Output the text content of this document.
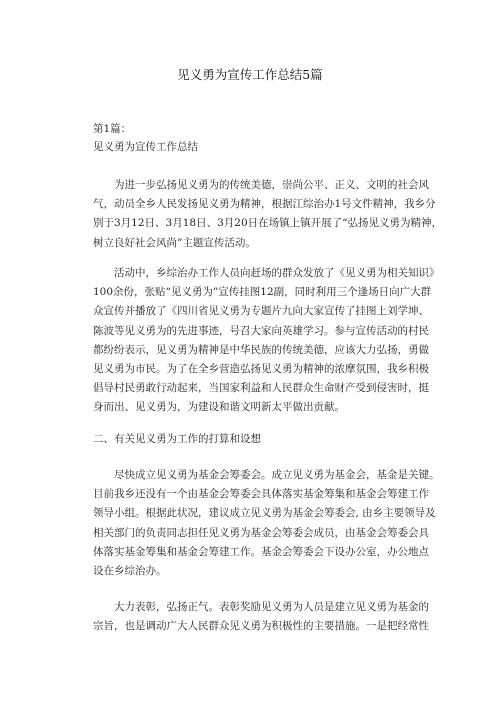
见义勇为宣传工作总结5篇
第1篇：
见义勇为宣传工作总结
为进一步弘扬见义勇为的传统美德，崇尚公平、正义、文明的社会风
气，动员全乡人民发扬见义勇为精神，根据江综治办1号文件精神，我乡分
别于3月12日、3月18日、3月20日在场镇上镇开展了“弘扬见义勇为精神，
树立良好社会风尚”主题宣传活动。
活动中，乡综治办工作人员向赶场的群众发放了《见义勇为相关知识》
100余份，张贴“见义勇为”宣传挂图12副，同时利用三个逢场日向广大群
众宣传并播放了《四川省见义勇为专题片九向大家宣传了挂图上刘学坤、
陈波等见义勇为的先进事迹，号召大家向英雄学习。参与宣传活动的村民
都纷纷表示，见义勇为精神是中华民族的传统美德，应该大力弘扬，勇做
见义勇为市民。为了在全乡营造弘扬见义勇为精神的浓摩氛围，我乡积极
倡导村民勇敢行动起来，当国家利益和人民群众生命财产受到侵害时，挺
身而出、见义勇为，为建设和谐文明新太平做出贡献。
二、有关见义勇为工作的打算和设想
尽快成立见义勇为基金会筹委会。成立见义勇为基金会，基金是关键。
目前我乡还没有一个由基金会筹委会具体落实基金筹集和基金会筹建工作
领导小组。根据此状况，建议成立见义勇为基金会筹委会, 由乡主要领导及
相关部门的负责同志担任见义勇为基金会筹委会成员，由基金会筹委会具
体落实基金筹集和基金会筹建工作。基金会筹委会下设办公室，办公地点
设在乡综治办。
大力表彰，弘扬正气。表彰奖励见义勇为人员是建立见义勇为基金的
宗旨，也是调动广大人民群众见义勇为积极性的主要措施。一是把经常性
